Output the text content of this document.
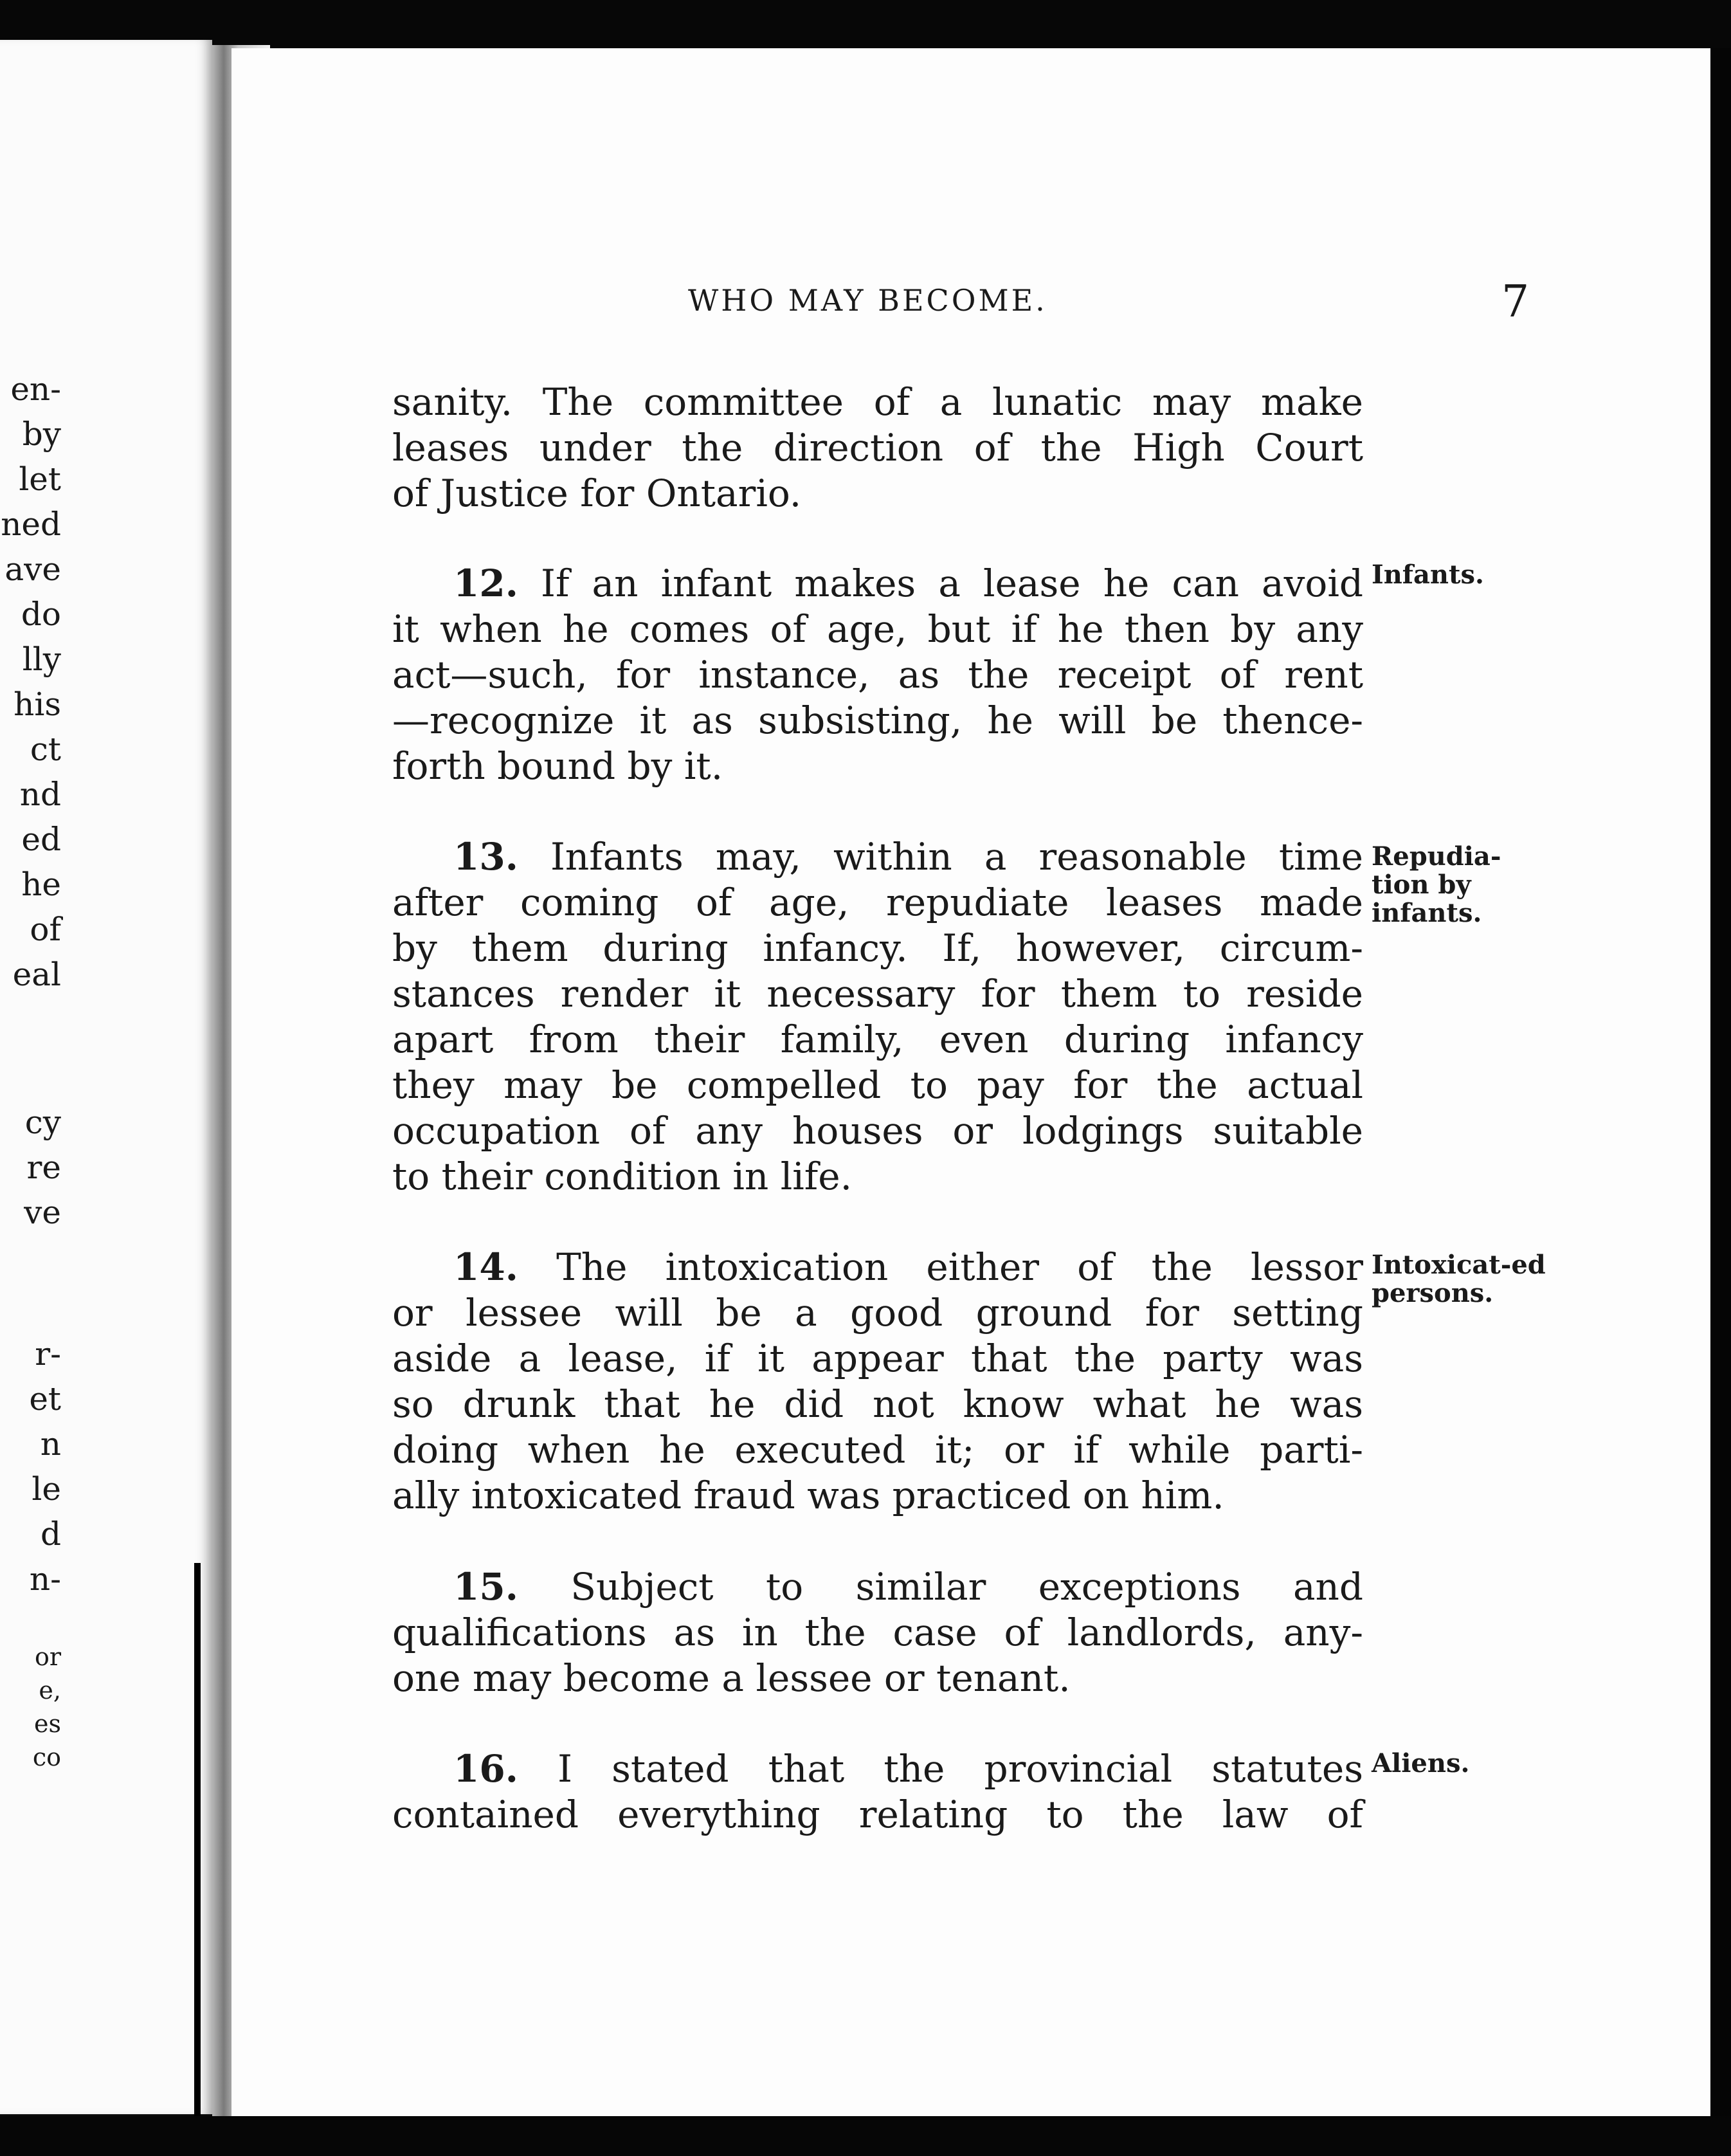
en-
by
let
ned
ave
do
lly
his
ct
nd
ed
he
of
eal
cy
re
ve
r-
et
n
le
d
n-
or
e,
es
co
WHO MAY BECOME.	7
sanity. The committee of a lunatic may make
leases under the direction of the High Court
of Justice for Ontario.
12. If an infant makes a lease he can avoid
it when he comes of age, but if he then by any
act—such, for instance, as the receipt of rent
—recognize it as subsisting, he will be thence-
forth bound by it.
Infants.
13. Infants may, within a reasonable time
after coming of age, repudiate leases made
by them during infancy. If, however, circum-
stances render it necessary for them to reside
apart from their family, even during infancy
they may be compelled to pay for the actual
occupation of any houses or lodgings suitable
to their condition in life.
Repudia-tion by infants.
14. The intoxication either of the lessor
or lessee will be a good ground for setting
aside a lease, if it appear that the party was
so drunk that he did not know what he was
doing when he executed it; or if while parti-
ally intoxicated fraud was practiced on him.
Intoxicat-ed persons.
15. Subject to similar exceptions and
qualifications as in the case of landlords, any-
one may become a lessee or tenant.
16. I stated that the provincial statutes
contained everything relating to the law of
Aliens.
